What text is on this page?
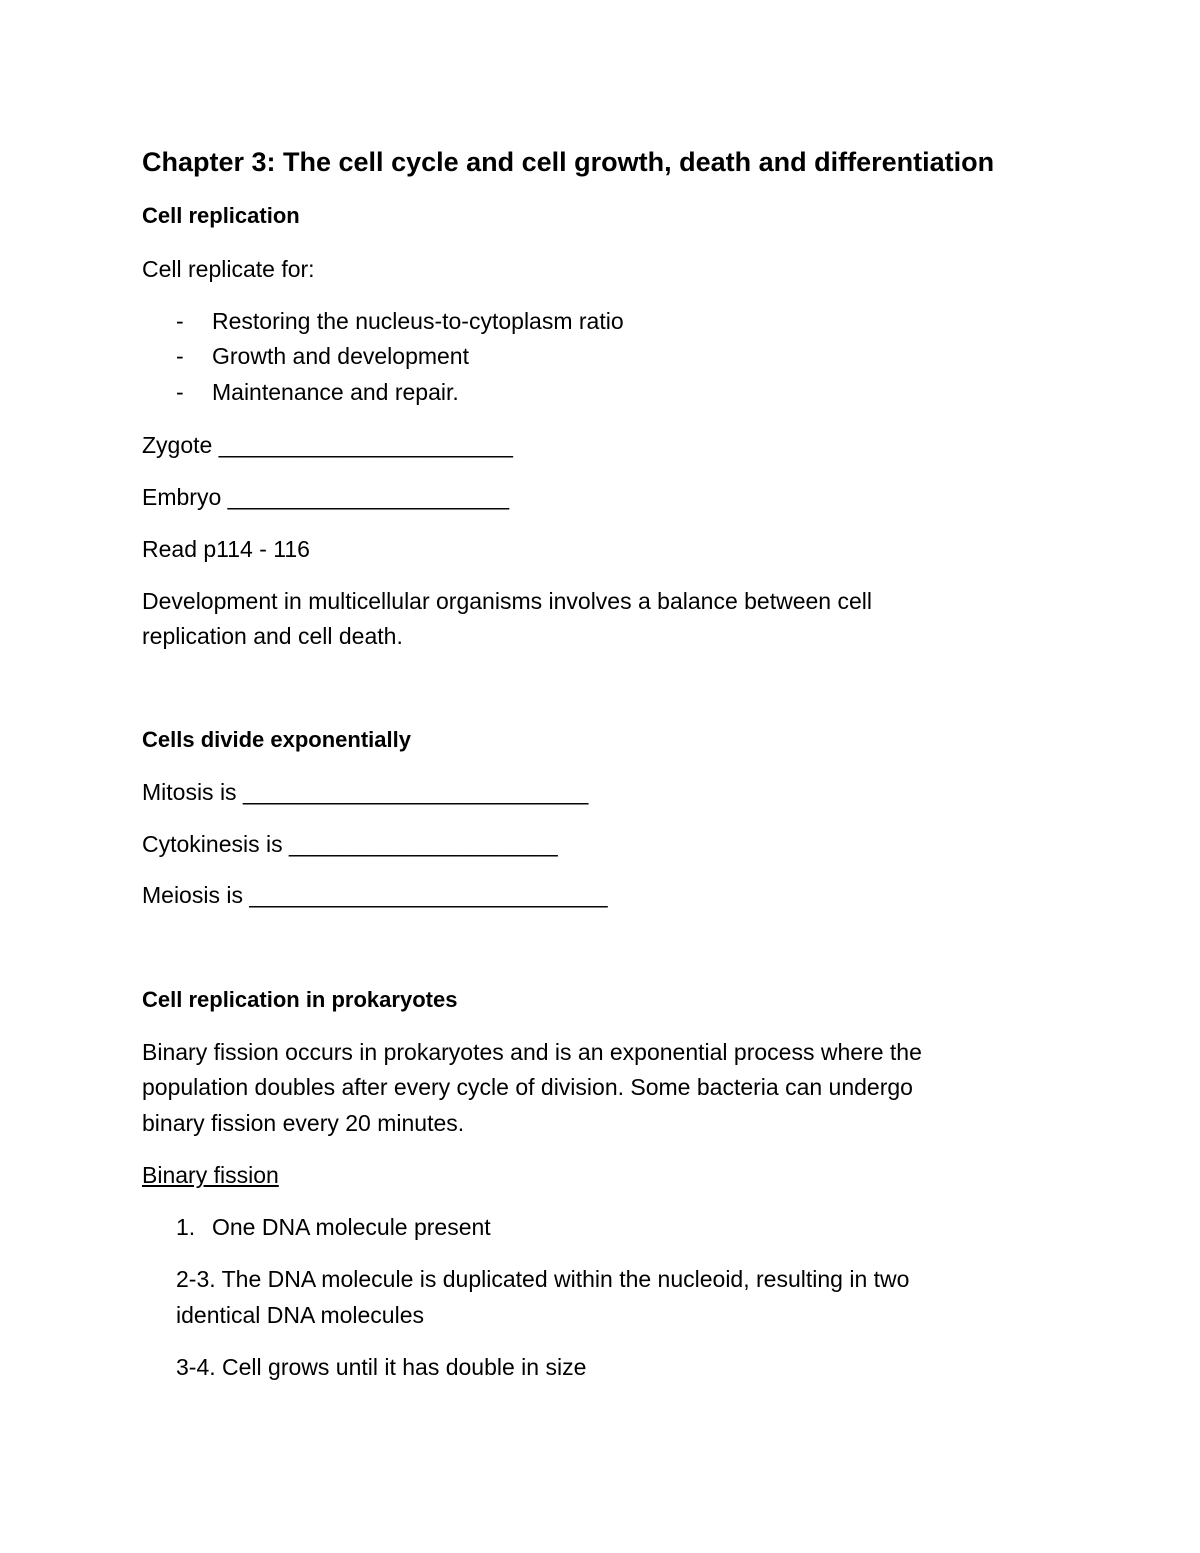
Chapter 3: The cell cycle and cell growth, death and differentiation
Cell replication
Cell replicate for:
- Restoring the nucleus-to-cytoplasm ratio
- Growth and development
- Maintenance and repair.
Zygote _______________________
Embryo ______________________
Read p114 - 116
Development in multicellular organisms involves a balance between cell
replication and cell death.
Cells divide exponentially
Mitosis is ___________________________
Cytokinesis is _____________________
Meiosis is ____________________________
Cell replication in prokaryotes
Binary fission occurs in prokaryotes and is an exponential process where the
population doubles after every cycle of division. Some bacteria can undergo
binary fission every 20 minutes.
Binary fission
1. One DNA molecule present
2-3. The DNA molecule is duplicated within the nucleoid, resulting in two
identical DNA molecules
3-4. Cell grows until it has double in size
